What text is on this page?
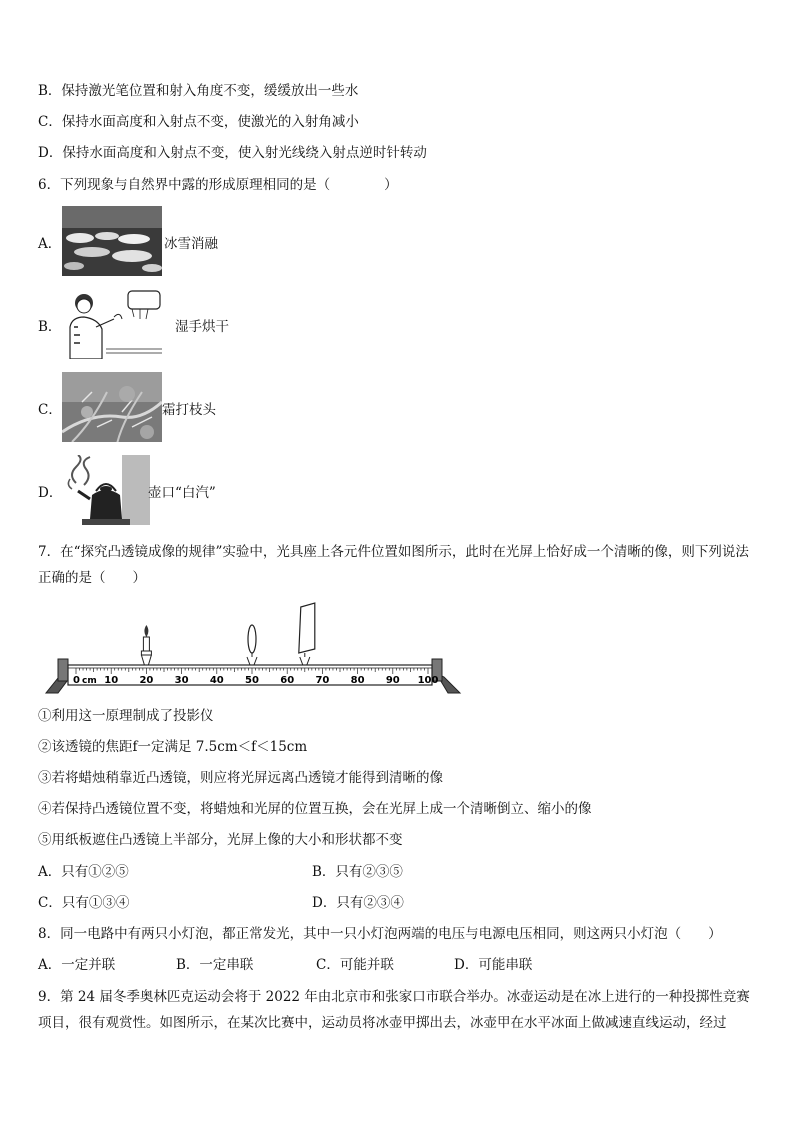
B．保持激光笔位置和射入角度不变，缓缓放出一些水
C．保持水面高度和入射点不变，使激光的入射角减小
D．保持水面高度和入射点不变，使入射光线绕入射点逆时针转动
6．下列现象与自然界中露的形成原理相同的是（　　　　）
A．	冰雪消融
B．	湿手烘干
C．	霜打枝头
D．	壶口“白汽”
7．在“探究凸透镜成像的规律”实验中，光具座上各元件位置如图所示，此时在光屏上恰好成一个清晰的像，则下列说法正确的是（　　）
0 10 20 30 40 50 60 70 80 90 100
cm
①利用这一原理制成了投影仪
②该透镜的焦距f一定满足 7.5cm＜f＜15cm
③若将蜡烛稍靠近凸透镜，则应将光屏远离凸透镜才能得到清晰的像
④若保持凸透镜位置不变，将蜡烛和光屏的位置互换，会在光屏上成一个清晰倒立、缩小的像
⑤用纸板遮住凸透镜上半部分，光屏上像的大小和形状都不变
A．只有①②⑤	B．只有②③⑤
C．只有①③④	D．只有②③④
8．同一电路中有两只小灯泡，都正常发光，其中一只小灯泡两端的电压与电源电压相同，则这两只小灯泡（　　）
A．一定并联	B．一定串联	C．可能并联	D．可能串联
9．第 24 届冬季奥林匹克运动会将于 2022 年由北京市和张家口市联合举办。冰壶运动是在冰上进行的一种投掷性竞赛项目，很有观赏性。如图所示，在某次比赛中，运动员将冰壶甲掷出去，冰壶甲在水平冰面上做减速直线运动，经过
